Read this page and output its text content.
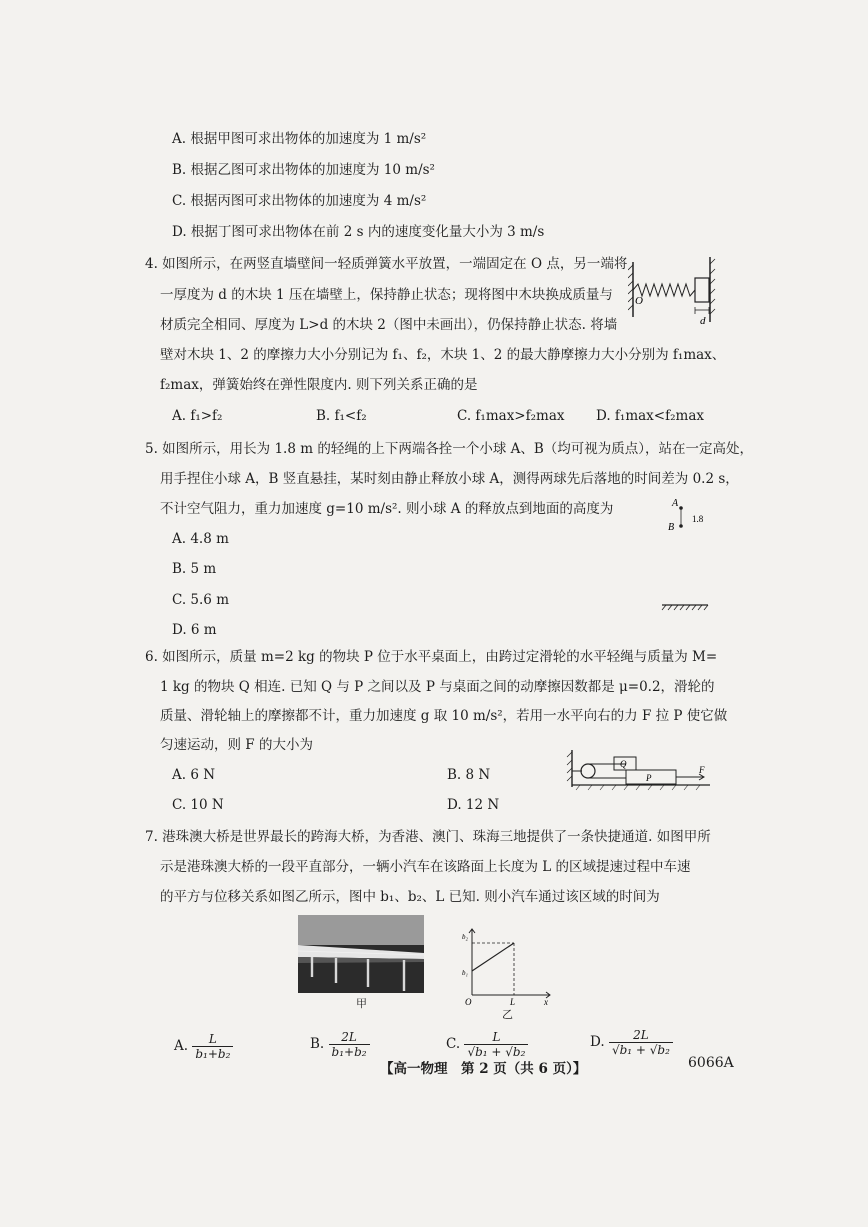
A. 根据甲图可求出物体的加速度为 1 m/s²
B. 根据乙图可求出物体的加速度为 10 m/s²
C. 根据丙图可求出物体的加速度为 4 m/s²
D. 根据丁图可求出物体在前 2 s 内的速度变化量大小为 3 m/s
4. 如图所示，在两竖直墙壁间一轻质弹簧水平放置，一端固定在 O 点，另一端将
一厚度为 d 的木块 1 压在墙壁上，保持静止状态；现将图中木块换成质量与
材质完全相同、厚度为 L>d 的木块 2（图中未画出），仍保持静止状态. 将墙
壁对木块 1、2 的摩擦力大小分别记为 f₁、f₂，木块 1、2 的最大静摩擦力大小分别为 f₁max、
f₂max，弹簧始终在弹性限度内. 则下列关系正确的是
A. f₁>f₂	B. f₁<f₂	C. f₁max>f₂max D. f₁max<f₂max
O
d
5. 如图所示，用长为 1.8 m 的轻绳的上下两端各拴一个小球 A、B（均可视为质点），站在一定高处，
用手捏住小球 A，B 竖直悬挂，某时刻由静止释放小球 A，测得两球先后落地的时间差为 0.2 s，
不计空气阻力，重力加速度 g=10 m/s². 则小球 A 的释放点到地面的高度为
A. 4.8 m
B. 5 m
C. 5.6 m
D. 6 m
A
B
1.8
6. 如图所示，质量 m=2 kg 的物块 P 位于水平桌面上，由跨过定滑轮的水平轻绳与质量为 M=
1 kg 的物块 Q 相连. 已知 Q 与 P 之间以及 P 与桌面之间的动摩擦因数都是 μ=0.2，滑轮的
质量、滑轮轴上的摩擦都不计，重力加速度 g 取 10 m/s²，若用一水平向右的力 F 拉 P 使它做
匀速运动，则 F 的大小为
A. 6 N	B. 8 N
C. 10 N	D. 12 N
Q
P
F
7. 港珠澳大桥是世界最长的跨海大桥，为香港、澳门、珠海三地提供了一条快捷通道. 如图甲所
示是港珠澳大桥的一段平直部分，一辆小汽车在该路面上长度为 L 的区域提速过程中车速
的平方与位移关系如图乙所示，图中 b₁、b₂、L 已知. 则小汽车通过该区域的时间为
甲
b₂
b₁
O	L	x
乙
A. $\frac{L}{\text{b₁+b₂}}$	B. $\frac{2L}{\text{b₁+b₂}}$	C. $\frac{L}{\text{√b₁ + √b₂}}$	D. $\frac{2L}{\text{√b₁ + √b₂}}$
【高一物理　第 2 页（共 6 页）】	6066A
